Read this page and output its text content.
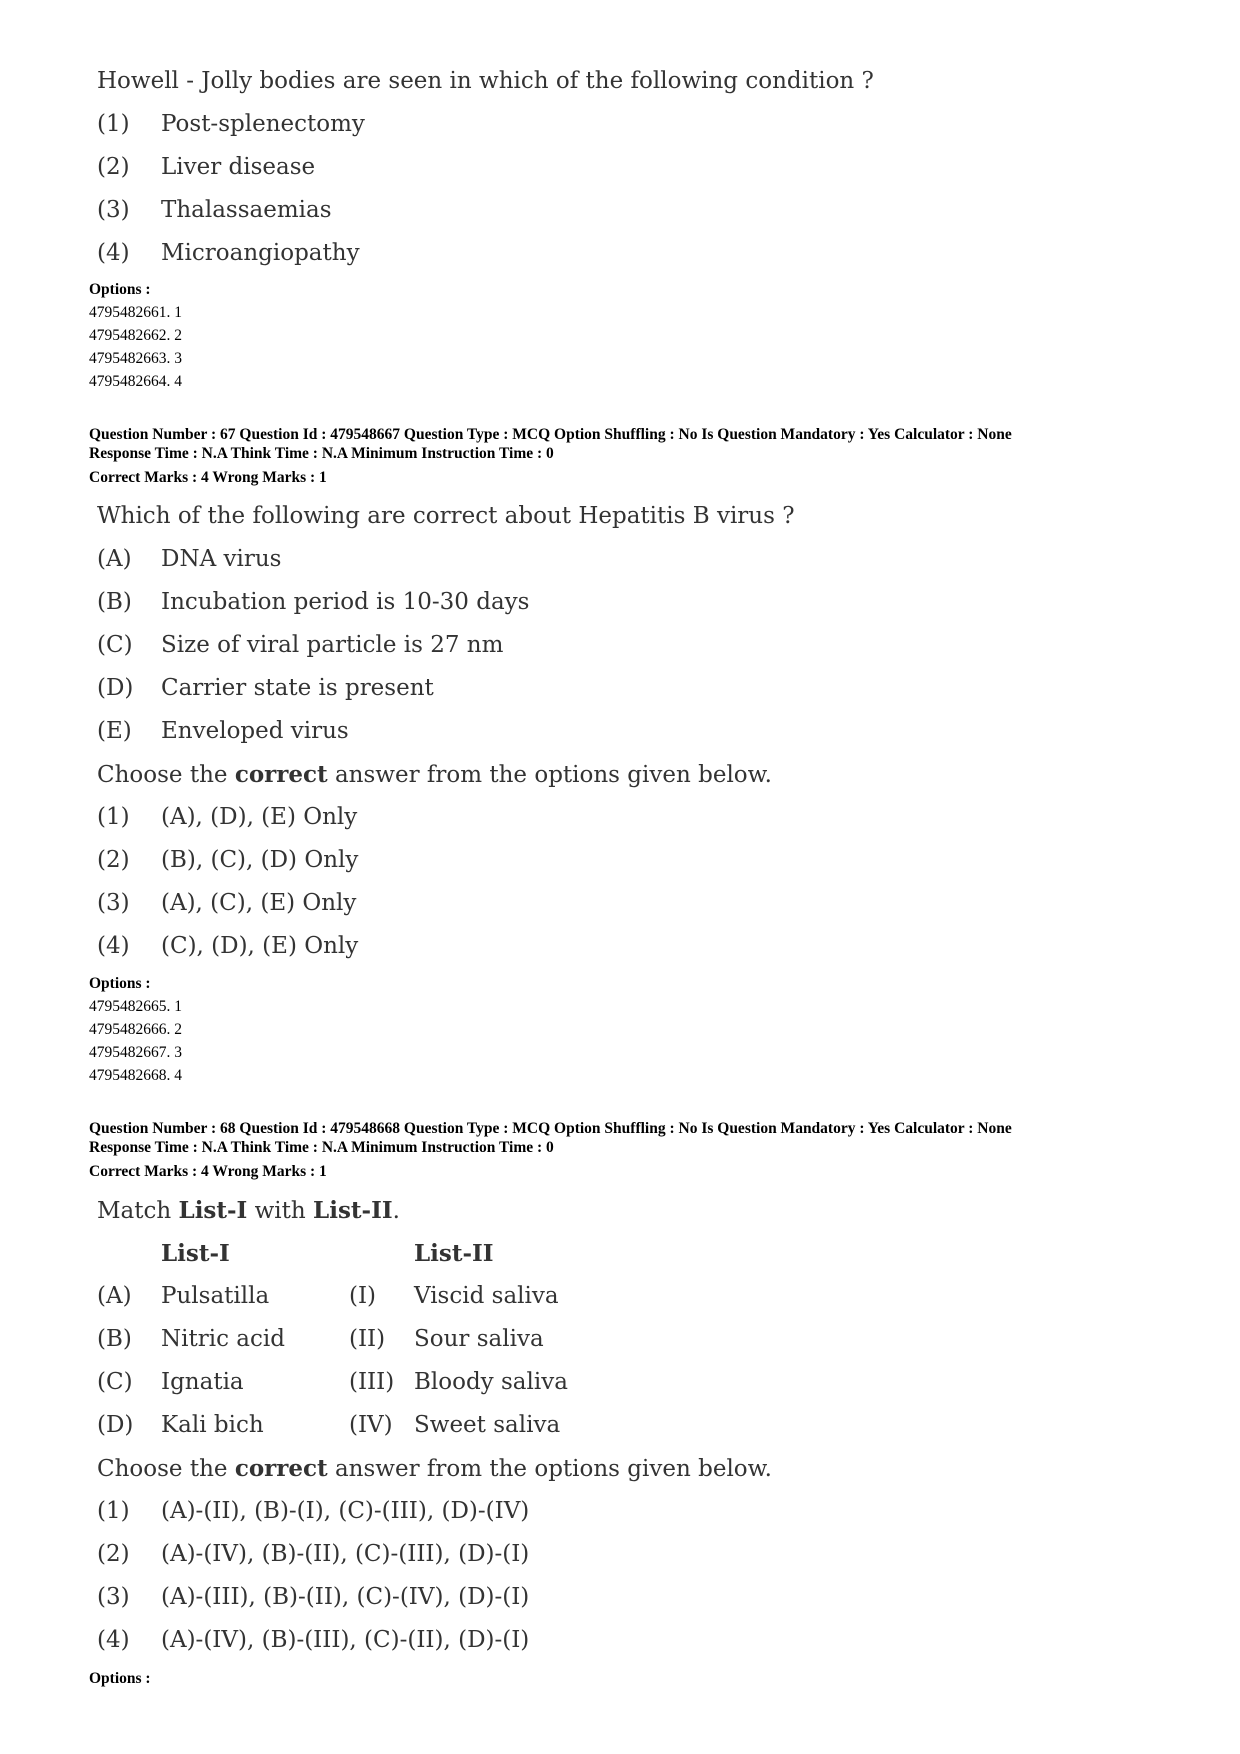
Howell - Jolly bodies are seen in which of the following condition ?
(1) Post-splenectomy
(2) Liver disease
(3) Thalassaemias
(4) Microangiopathy
Options :
4795482661. 1
4795482662. 2
4795482663. 3
4795482664. 4
Question Number : 67 Question Id : 479548667 Question Type : MCQ Option Shuffling : No Is Question Mandatory : Yes Calculator : None
Response Time : N.A Think Time : N.A Minimum Instruction Time : 0
Correct Marks : 4 Wrong Marks : 1
Which of the following are correct about Hepatitis B virus ?
(A) DNA virus
(B) Incubation period is 10-30 days
(C) Size of viral particle is 27 nm
(D) Carrier state is present
(E) Enveloped virus
Choose the correct answer from the options given below.
(1) (A), (D), (E) Only
(2) (B), (C), (D) Only
(3) (A), (C), (E) Only
(4) (C), (D), (E) Only
Options :
4795482665. 1
4795482666. 2
4795482667. 3
4795482668. 4
Question Number : 68 Question Id : 479548668 Question Type : MCQ Option Shuffling : No Is Question Mandatory : Yes Calculator : None
Response Time : N.A Think Time : N.A Minimum Instruction Time : 0
Correct Marks : 4 Wrong Marks : 1
Match List-I with List-II.
List-I	List-II
(A) Pulsatilla	(I) Viscid saliva
(B) Nitric acid	(II) Sour saliva
(C) Ignatia	(III) Bloody saliva
(D) Kali bich	(IV) Sweet saliva
Choose the correct answer from the options given below.
(1) (A)-(II), (B)-(I), (C)-(III), (D)-(IV)
(2) (A)-(IV), (B)-(II), (C)-(III), (D)-(I)
(3) (A)-(III), (B)-(II), (C)-(IV), (D)-(I)
(4) (A)-(IV), (B)-(III), (C)-(II), (D)-(I)
Options :
